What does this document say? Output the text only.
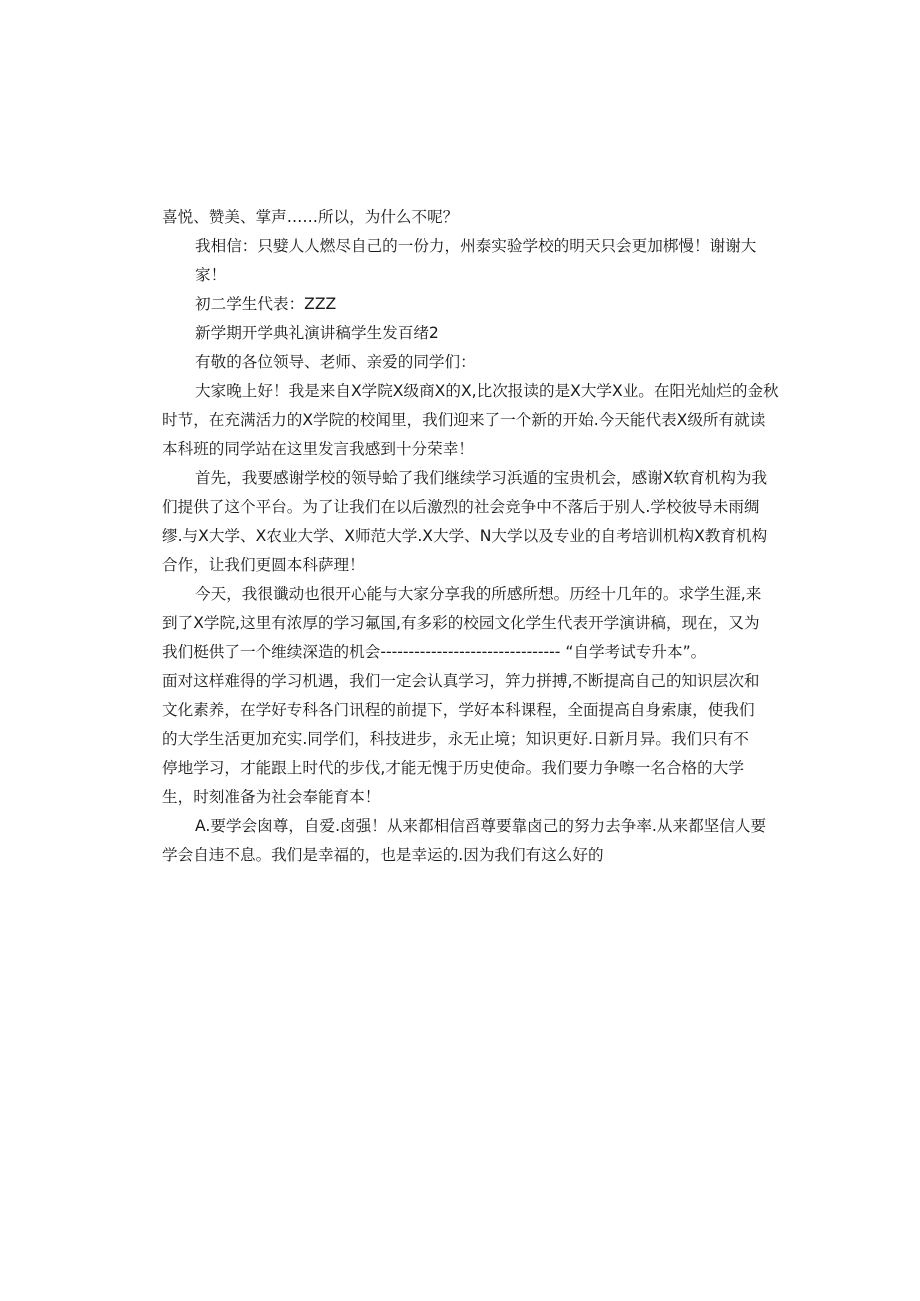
喜悦、赞美、掌声……所以，为什么不呢？
我相信：只嬖人人燃尽自己的一份力，州泰实验学校的明天只会更加梆慢！谢谢大
家！
初二学生代表：ZZZ
新学期开学典礼演讲稿学生发百绪2
有敬的各位领导、老师、亲爱的同学们：
大家晚上好！我是来自X学院X级商X的X,比次报读的是X大学X业。在阳光灿烂的金秋
时节，在充满活力的X学院的校闻里，我们迎来了一个新的开始.今天能代表X级所有就读
本科班的同学站在这里发言我感到十分荣幸！
首先，我要感谢学校的领导蛤了我们继续学习浜遁的宝贵机会，感谢X软育机构为我
们提供了这个平台。为了让我们在以后激烈的社会竞争中不落后于别人.学校彼导未雨绸
缪.与X大学、X农业大学、X师范大学.X大学、N大学以及专业的自考培训机构X教育机构
合作，让我们更圆本科萨理！
今天，我很谶动也很开心能与大家分享我的所感所想。历经十几年的。求学生涯,来
到了X学院,这里有浓厚的学习氟国,有多彩的校园文化学生代表开学演讲稿，现在，又为
我们梃供了一个维续深造的机会-------------------------------- “自学考试专升本”。
面对这样难得的学习机遇，我们一定会认真学习，笄力拼搏,不断提高自己的知识层次和
文化素养，在学好专科各门讯程的前提下，学好本科课程，全面提高自身索康，使我们
的大学生活更加充实.同学们，科技进步，永无止境；知识更好.日新月异。我们只有不
停地学习，才能跟上时代的步伐,才能无愧于历史使命。我们要力争嚓一名合格的大学
生，时刻准备为社会奉能育本！
A.要学会囱尊，自爱.卤强！从来都相信舀尊要靠卤己的努力去争率.从来都坚信人要
学会自违不息。我们是幸福的，也是幸运的.因为我们有这么好的
